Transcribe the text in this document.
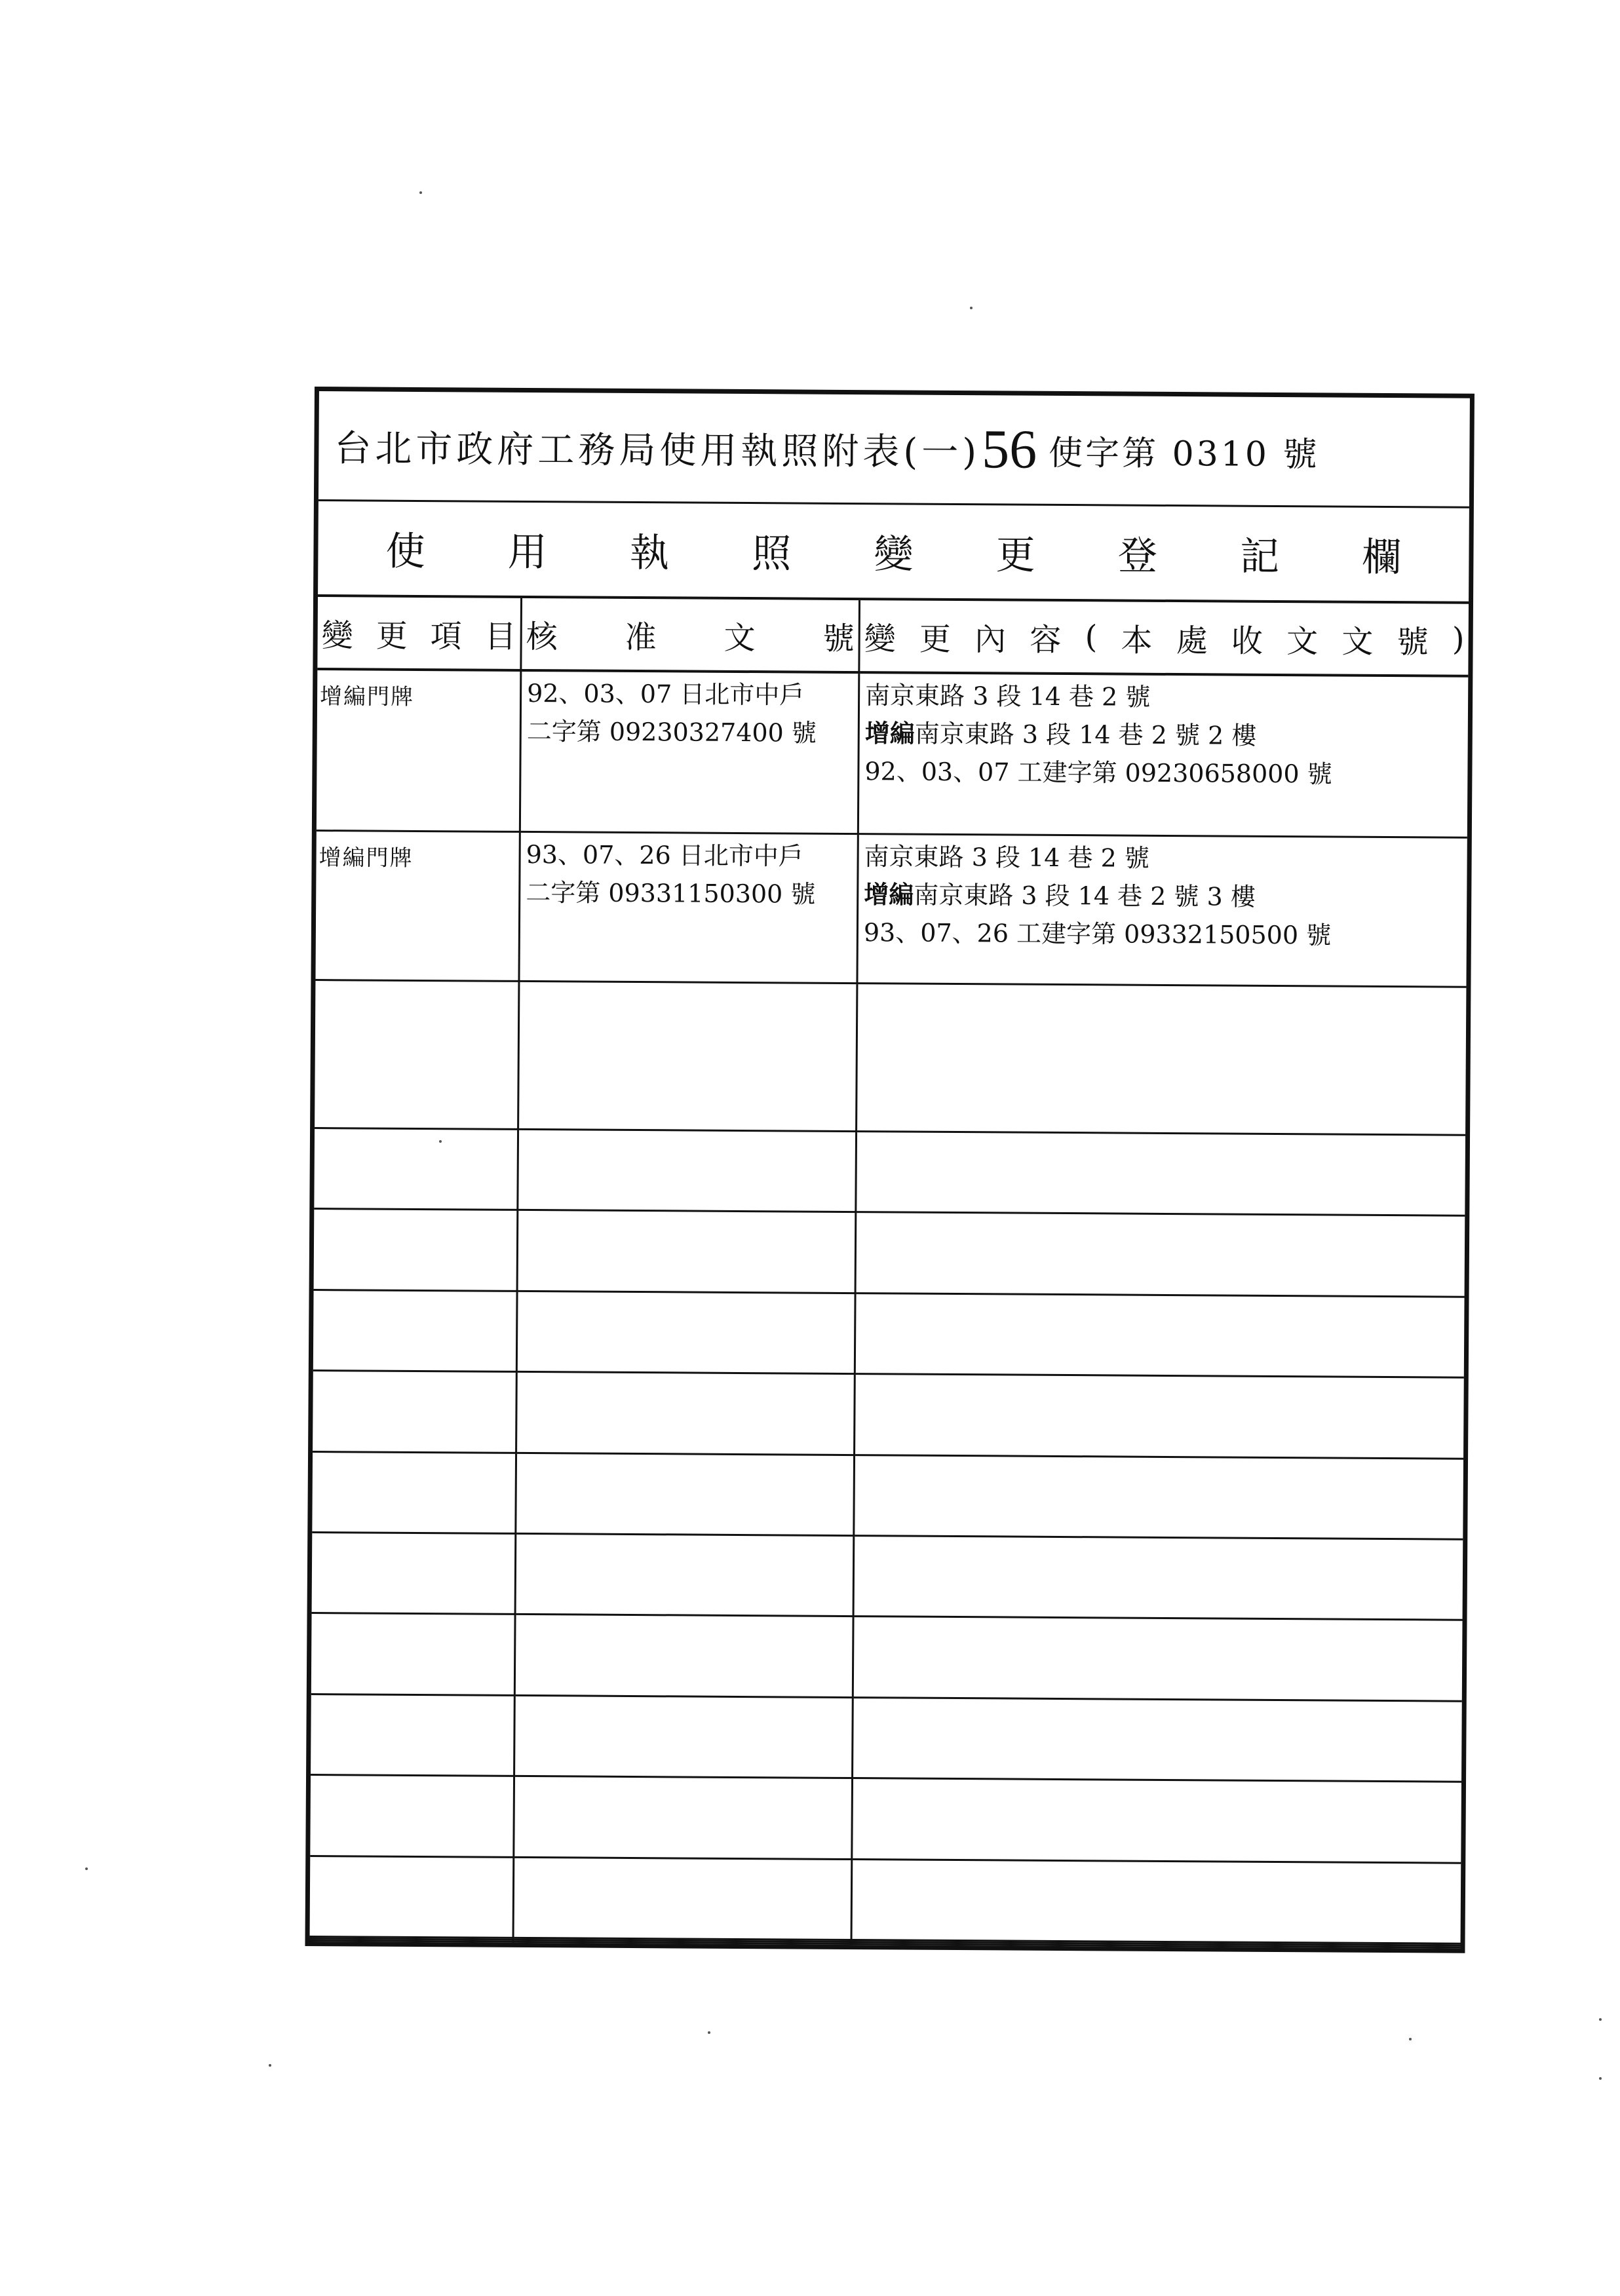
台北市政府工務局使用執照附表(一) 56 使字第 0310 號
使 用 執 照 變 更 登 記 欄
變 更 項 目 核 准 文 號 變 更 內 容 ( 本 處 收 文 文 號 )
增編門牌	92、03、07 日北市中戶
二字第 09230327400 號
南京東路 3 段 14 巷 2 號
增編南京東路 3 段 14 巷 2 號 2 樓
92、03、07 工建字第 09230658000 號
增編門牌	93、07、26 日北市中戶
二字第 09331150300 號
南京東路 3 段 14 巷 2 號
增編南京東路 3 段 14 巷 2 號 3 樓
93、07、26 工建字第 09332150500 號
